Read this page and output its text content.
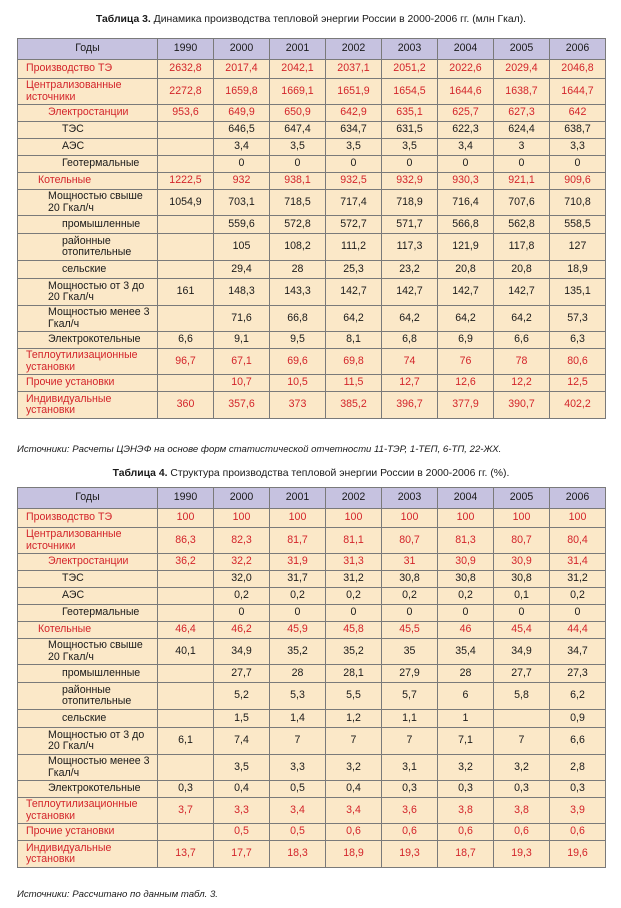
Таблица 3. Динамика производства тепловой энергии России в 2000-2006 гг. (млн Гкал).
Годы	1990	2000	2001	2002	2003	2004	2005	2006
Производство ТЭ	2632,8	2017,4	2042,1	2037,1	2051,2	2022,6	2029,4	2046,8
Централизованные источники	2272,8	1659,8	1669,1	1651,9	1654,5	1644,6	1638,7	1644,7
Электростанции	953,6	649,9	650,9	642,9	635,1	625,7	627,3	642
ТЭС		646,5	647,4	634,7	631,5	622,3	624,4	638,7
АЭС		3,4	3,5	3,5	3,5	3,4	3	3,3
Геотермальные		0	0	0	0	0	0	0
Котельные	1222,5	932	938,1	932,5	932,9	930,3	921,1	909,6
Мощностью свыше 20 Гкал/ч	1054,9	703,1	718,5	717,4	718,9	716,4	707,6	710,8
промышленные		559,6	572,8	572,7	571,7	566,8	562,8	558,5
районные отопительные		105	108,2	111,2	117,3	121,9	117,8	127
сельские		29,4	28	25,3	23,2	20,8	20,8	18,9
Мощностью от 3 до 20 Гкал/ч	161	148,3	143,3	142,7	142,7	142,7	142,7	135,1
Мощностью менее 3 Гкал/ч		71,6	66,8	64,2	64,2	64,2	64,2	57,3
Электрокотельные	6,6	9,1	9,5	8,1	6,8	6,9	6,6	6,3
Теплоутилизационные установки	96,7	67,1	69,6	69,8	74	76	78	80,6
Прочие установки		10,7	10,5	11,5	12,7	12,6	12,2	12,5
Индивидуальные установки	360	357,6	373	385,2	396,7	377,9	390,7	402,2
Источники: Расчеты ЦЭНЭФ на основе форм статистической отчетности 11-ТЭР, 1-ТЕП, 6-ТП, 22-ЖХ.
Таблица 4. Структура производства тепловой энергии России в 2000-2006 гг. (%).
Годы	1990	2000	2001	2002	2003	2004	2005	2006
Производство ТЭ	100	100	100	100	100	100	100	100
Централизованные источники	86,3	82,3	81,7	81,1	80,7	81,3	80,7	80,4
Электростанции	36,2	32,2	31,9	31,3	31	30,9	30,9	31,4
ТЭС		32,0	31,7	31,2	30,8	30,8	30,8	31,2
АЭС		0,2	0,2	0,2	0,2	0,2	0,1	0,2
Геотермальные		0	0	0	0	0	0	0
Котельные	46,4	46,2	45,9	45,8	45,5	46	45,4	44,4
Мощностью свыше 20 Гкал/ч	40,1	34,9	35,2	35,2	35	35,4	34,9	34,7
промышленные		27,7	28	28,1	27,9	28	27,7	27,3
районные отопительные		5,2	5,3	5,5	5,7	6	5,8	6,2
сельские		1,5	1,4	1,2	1,1	1		0,9
Мощностью от 3 до 20 Гкал/ч	6,1	7,4	7	7	7	7,1	7	6,6
Мощностью менее 3 Гкал/ч		3,5	3,3	3,2	3,1	3,2	3,2	2,8
Электрокотельные	0,3	0,4	0,5	0,4	0,3	0,3	0,3	0,3
Теплоутилизационные установки	3,7	3,3	3,4	3,4	3,6	3,8	3,8	3,9
Прочие установки		0,5	0,5	0,6	0,6	0,6	0,6	0,6
Индивидуальные установки	13,7	17,7	18,3	18,9	19,3	18,7	19,3	19,6
Источники: Рассчитано по данным табл. 3.
